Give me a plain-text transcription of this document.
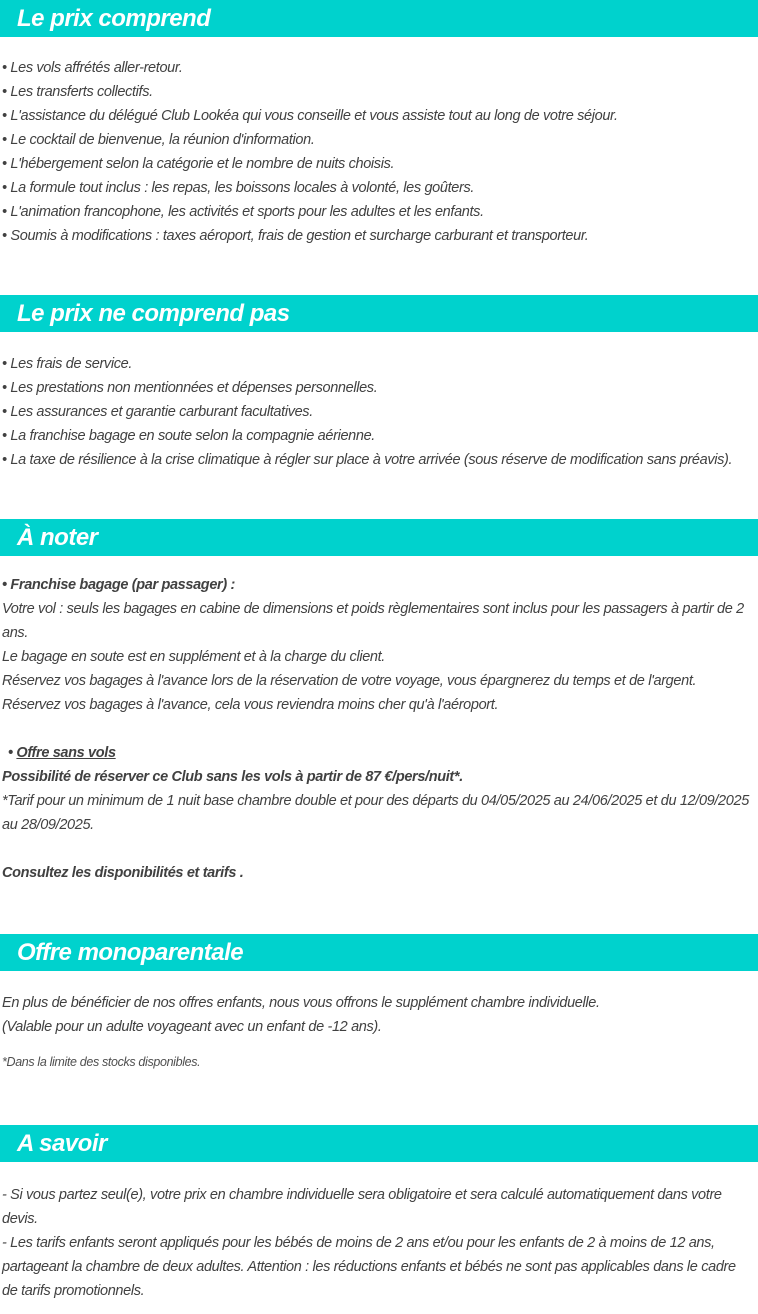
Le prix comprend

• Les vols affrétés aller-retour.

• Les transferts collectifs.

• L'assistance du délégué Club Lookéa qui vous conseille et vous assiste tout au long de votre séjour.

• Le cocktail de bienvenue, la réunion d'information.

• L'hébergement selon la catégorie et le nombre de nuits choisis.

• La formule tout inclus : les repas, les boissons locales à volonté, les goûters.

• L'animation francophone, les activités et sports pour les adultes et les enfants.

• Soumis à modifications : taxes aéroport, frais de gestion et surcharge carburant et transporteur.

Le prix ne comprend pas

• Les frais de service.

• Les prestations non mentionnées et dépenses personnelles.

• Les assurances et garantie carburant facultatives.

• La franchise bagage en soute selon la compagnie aérienne.

• La taxe de résilience à la crise climatique à régler sur place à votre arrivée (sous réserve de modification sans préavis).

À noter

• Franchise bagage (par passager) :

Votre vol : seuls les bagages en cabine de dimensions et poids règlementaires sont inclus pour les passagers à partir de 2 ans.

Le bagage en soute est en supplément et à la charge du client.

Réservez vos bagages à l'avance lors de la réservation de votre voyage, vous épargnerez du temps et de l'argent.

Réservez vos bagages à l'avance, cela vous reviendra moins cher qu'à l'aéroport.

• Offre sans vols

Possibilité de réserver ce Club sans les vols à partir de 87 €/pers/nuit*.

*Tarif pour un minimum de 1 nuit base chambre double et pour des départs du 04/05/2025 au 24/06/2025 et du 12/09/2025 au 28/09/2025.

Consultez les disponibilités et tarifs .

Offre monoparentale

En plus de bénéficier de nos offres enfants, nous vous offrons le supplément chambre individuelle.

(Valable pour un adulte voyageant avec un enfant de -12 ans).

*Dans la limite des stocks disponibles.

A savoir

- Si vous partez seul(e), votre prix en chambre individuelle sera obligatoire et sera calculé automatiquement dans votre devis.

- Les tarifs enfants seront appliqués pour les bébés de moins de 2 ans et/ou pour les enfants de 2 à moins de 12 ans, partageant la chambre de deux adultes. Attention : les réductions enfants et bébés ne sont pas applicables dans le cadre de tarifs promotionnels.
